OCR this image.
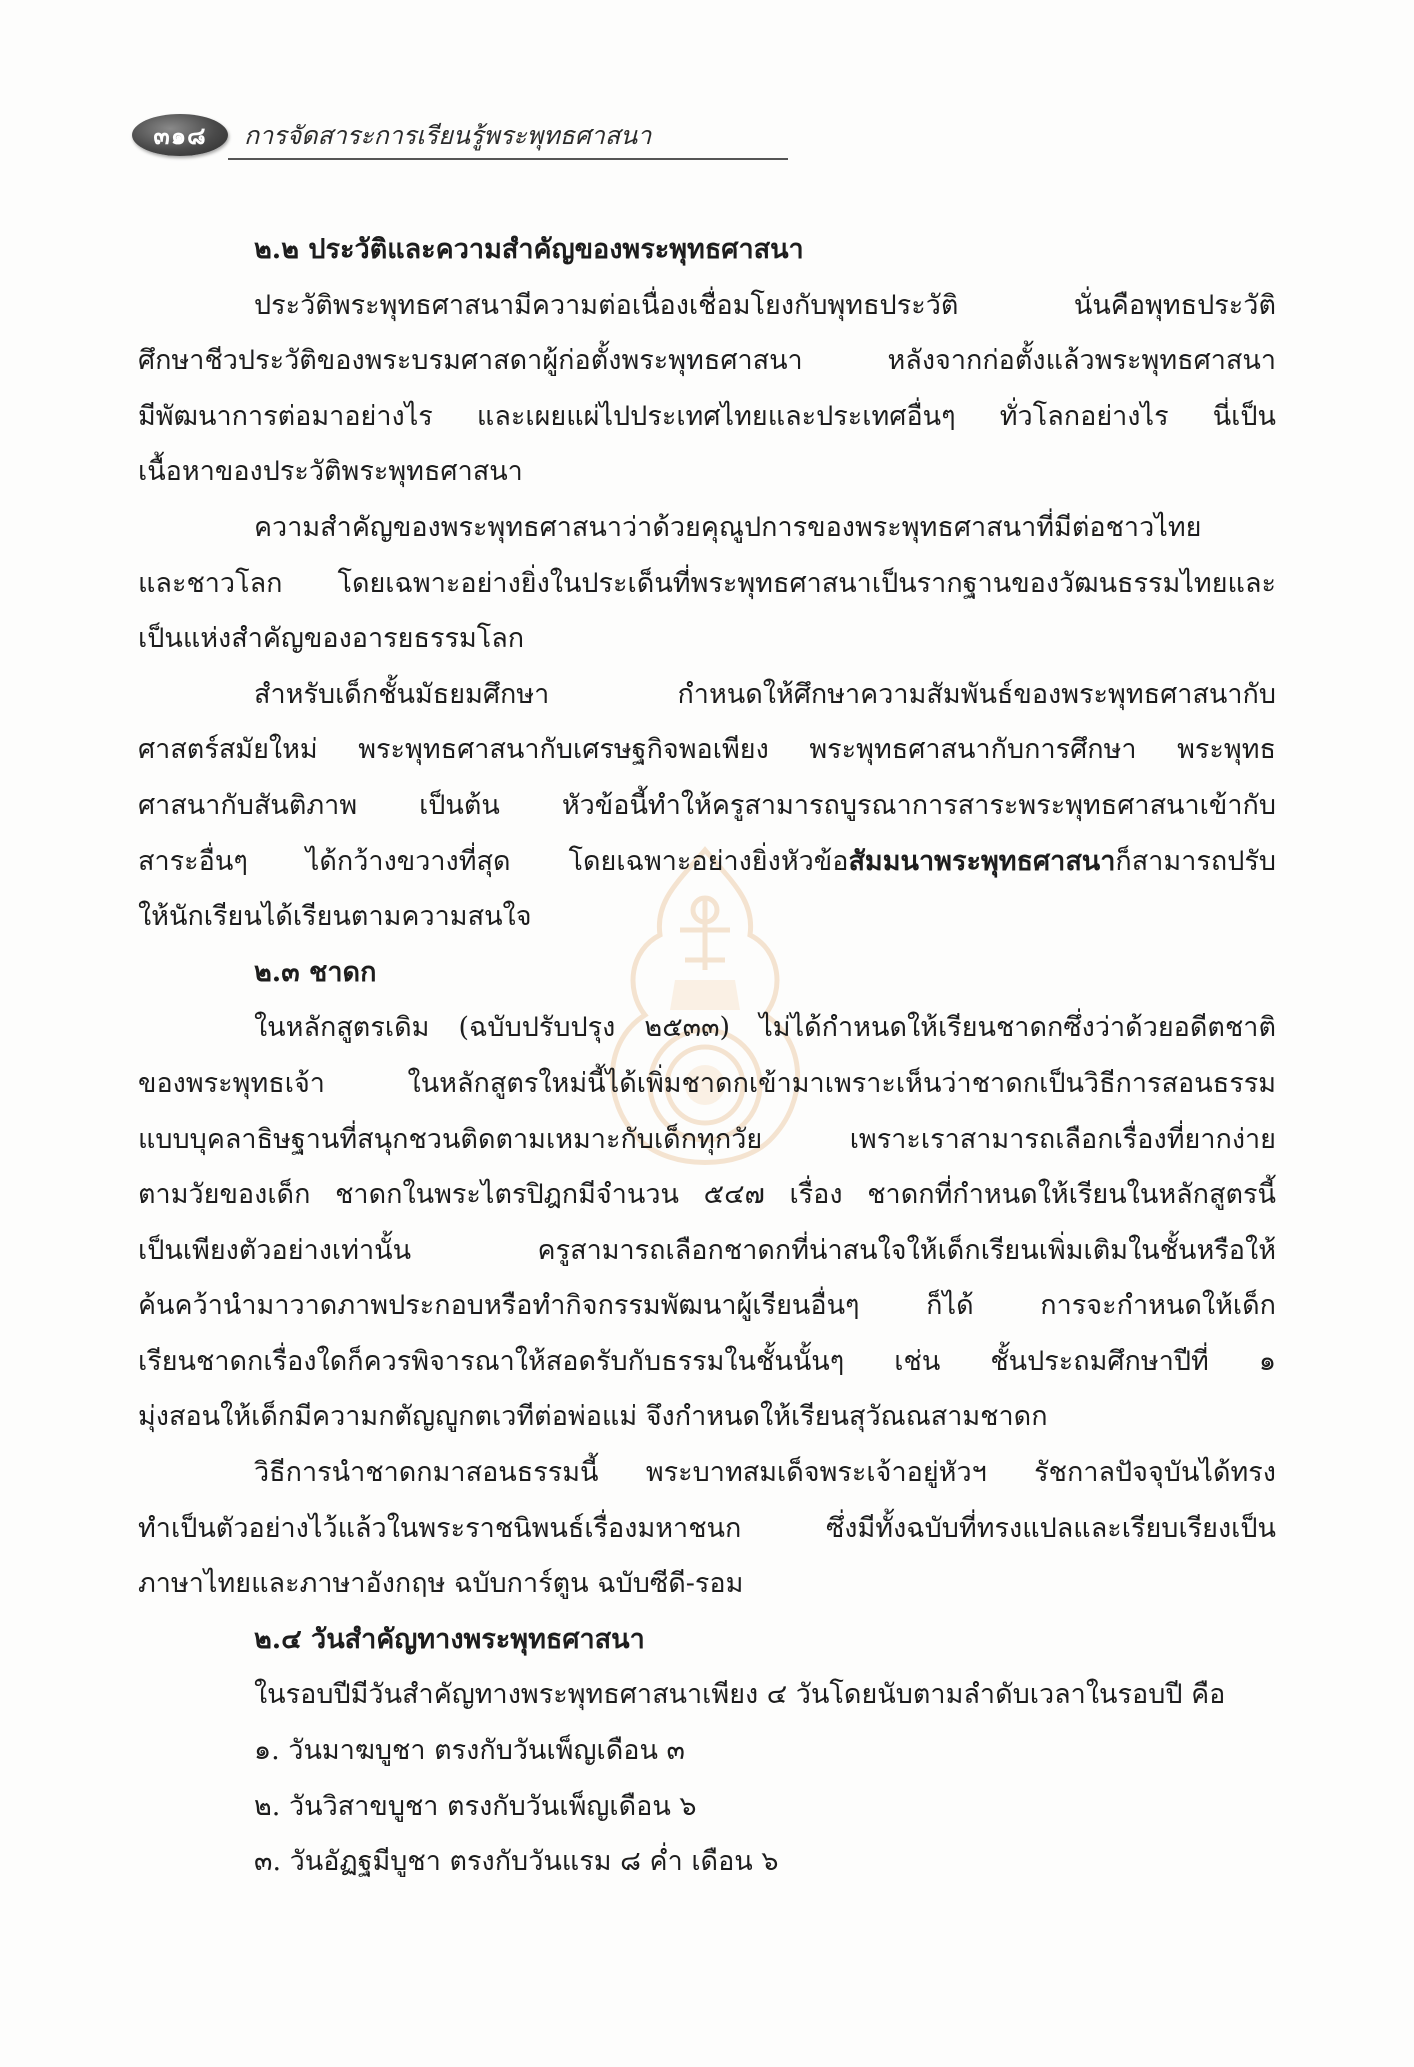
๓๑๘ การจัดสาระการเรียนรู้พระพุทธศาสนา
๒.๒ ประวัติและความสำคัญของพระพุทธศาสนา
ประวัติพระพุทธศาสนามีความต่อเนื่องเชื่อมโยงกับพุทธประวัติ นั่นคือพุทธประวัติ
ศึกษาชีวประวัติของพระบรมศาสดาผู้ก่อตั้งพระพุทธศาสนา หลังจากก่อตั้งแล้วพระพุทธศาสนา
มีพัฒนาการต่อมาอย่างไร และเผยแผ่ไปประเทศไทยและประเทศอื่นๆ ทั่วโลกอย่างไร นี่เป็น
เนื้อหาของประวัติพระพุทธศาสนา
ความสำคัญของพระพุทธศาสนาว่าด้วยคุณูปการของพระพุทธศาสนาที่มีต่อชาวไทย
และชาวโลก โดยเฉพาะอย่างยิ่งในประเด็นที่พระพุทธศาสนาเป็นรากฐานของวัฒนธรรมไทยและ
เป็นแห่งสำคัญของอารยธรรมโลก
สำหรับเด็กชั้นมัธยมศึกษา กำหนดให้ศึกษาความสัมพันธ์ของพระพุทธศาสนากับ
ศาสตร์สมัยใหม่ พระพุทธศาสนากับเศรษฐกิจพอเพียง พระพุทธศาสนากับการศึกษา พระพุทธ
ศาสนากับสันติภาพ เป็นต้น หัวข้อนี้ทำให้ครูสามารถบูรณาการสาระพระพุทธศาสนาเข้ากับ
สาระอื่นๆ ได้กว้างขวางที่สุด โดยเฉพาะอย่างยิ่งหัวข้อสัมมนาพระพุทธศาสนาก็สามารถปรับ
ให้นักเรียนได้เรียนตามความสนใจ
๒.๓ ชาดก
ในหลักสูตรเดิม (ฉบับปรับปรุง ๒๕๓๓) ไม่ได้กำหนดให้เรียนชาดกซึ่งว่าด้วยอดีตชาติ
ของพระพุทธเจ้า ในหลักสูตรใหม่นี้ได้เพิ่มชาดกเข้ามาเพราะเห็นว่าชาดกเป็นวิธีการสอนธรรม
แบบบุคลาธิษฐานที่สนุกชวนติดตามเหมาะกับเด็กทุกวัย เพราะเราสามารถเลือกเรื่องที่ยากง่าย
ตามวัยของเด็ก ชาดกในพระไตรปิฎกมีจำนวน ๕๔๗ เรื่อง ชาดกที่กำหนดให้เรียนในหลักสูตรนี้
เป็นเพียงตัวอย่างเท่านั้น ครูสามารถเลือกชาดกที่น่าสนใจให้เด็กเรียนเพิ่มเติมในชั้นหรือให้
ค้นคว้านำมาวาดภาพประกอบหรือทำกิจกรรมพัฒนาผู้เรียนอื่นๆ ก็ได้ การจะกำหนดให้เด็ก
เรียนชาดกเรื่องใดก็ควรพิจารณาให้สอดรับกับธรรมในชั้นนั้นๆ เช่น ชั้นประถมศึกษาปีที่ ๑
มุ่งสอนให้เด็กมีความกตัญญูกตเวทีต่อพ่อแม่ จึงกำหนดให้เรียนสุวัณณสามชาดก
วิธีการนำชาดกมาสอนธรรมนี้ พระบาทสมเด็จพระเจ้าอยู่หัวฯ รัชกาลปัจจุบันได้ทรง
ทำเป็นตัวอย่างไว้แล้วในพระราชนิพนธ์เรื่องมหาชนก ซึ่งมีทั้งฉบับที่ทรงแปลและเรียบเรียงเป็น
ภาษาไทยและภาษาอังกฤษ ฉบับการ์ตูน ฉบับซีดี-รอม
๒.๔ วันสำคัญทางพระพุทธศาสนา
ในรอบปีมีวันสำคัญทางพระพุทธศาสนาเพียง ๔ วันโดยนับตามลำดับเวลาในรอบปี คือ
๑. วันมาฆบูชา ตรงกับวันเพ็ญเดือน ๓
๒. วันวิสาขบูชา ตรงกับวันเพ็ญเดือน ๖
๓. วันอัฏฐมีบูชา ตรงกับวันแรม ๘ ค่ำ เดือน ๖
